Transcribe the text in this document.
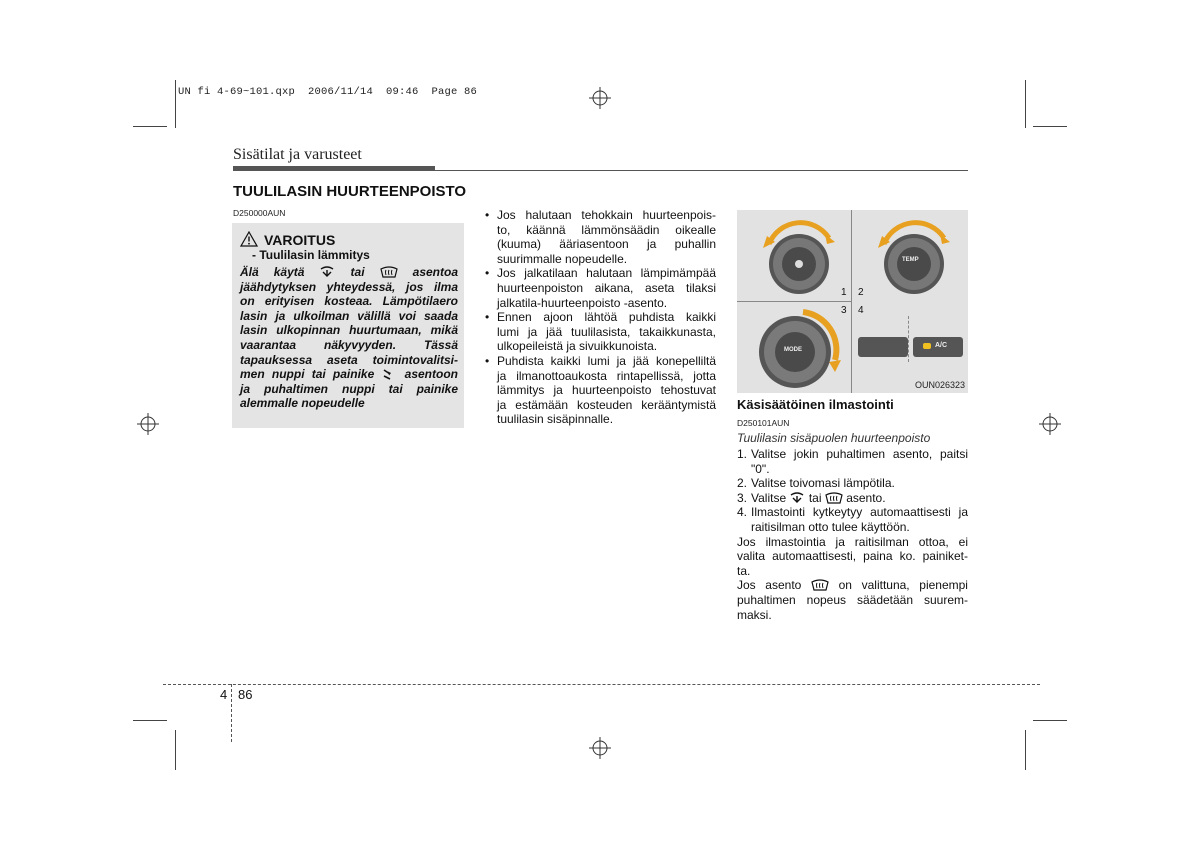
UN fi 4-69~101.qxp  2006/11/14  09:46  Page 86
Sisätilat ja varusteet
TUULILASIN HUURTEENPOISTO
D250000AUN
VAROITUS
- Tuulilasin lämmitys
Älä käytä  tai  asentoa
jäähdytyksen yhteydessä, jos ilma
on erityisen kosteaa. Lämpötilaero
lasin ja ulkoilman välillä voi saada
lasin ulkopinnan huurtumaan, mikä
vaarantaa näkyvyyden. Tässä
tapauksessa aseta toimintovalitsi-
men nuppi tai painike  asentoon
ja puhaltimen nuppi tai painike
alemmalle nopeudelle
• Jos halutaan tehokkain huurteenpois-
to, käännä lämmönsäädin oikealle
(kuuma) ääriasentoon ja puhallin
suurimmalle nopeudelle.
• Jos jalkatilaan halutaan lämpimämpää
huurteenpoiston aikana, aseta tilaksi
jalkatila-huurteenpoisto -asento.
• Ennen ajoon lähtöä puhdista kaikki
lumi ja jää tuulilasista, takaikkunasta,
ulkopeileistä ja sivuikkunoista.
• Puhdista kaikki lumi ja jää konepelliltä
ja ilmanottoaukosta rintapellissä, jotta
lämmitys ja huurteenpoisto tehostuvat
ja estämään kosteuden kerääntymistä
tuulilasin sisäpinnalle.
1 2
3 4
TEMP
MODE
A/C
OUN026323
Käsisäätöinen ilmastointi
D250101AUN
Tuulilasin sisäpuolen huurteenpoisto
1. Valitse jokin puhaltimen asento, paitsi
"0".
2. Valitse toivomasi lämpötila.
3. Valitse tai asento.
4. Ilmastointi kytkeytyy automaattisesti ja
raitisilman otto tulee käyttöön.
Jos ilmastointia ja raitisilman ottoa, ei
valita automaattisesti, paina ko. painiket-
ta.
Jos asento	on valittuna, pienempi
puhaltimen nopeus säädetään suurem-
maksi.
4 86
